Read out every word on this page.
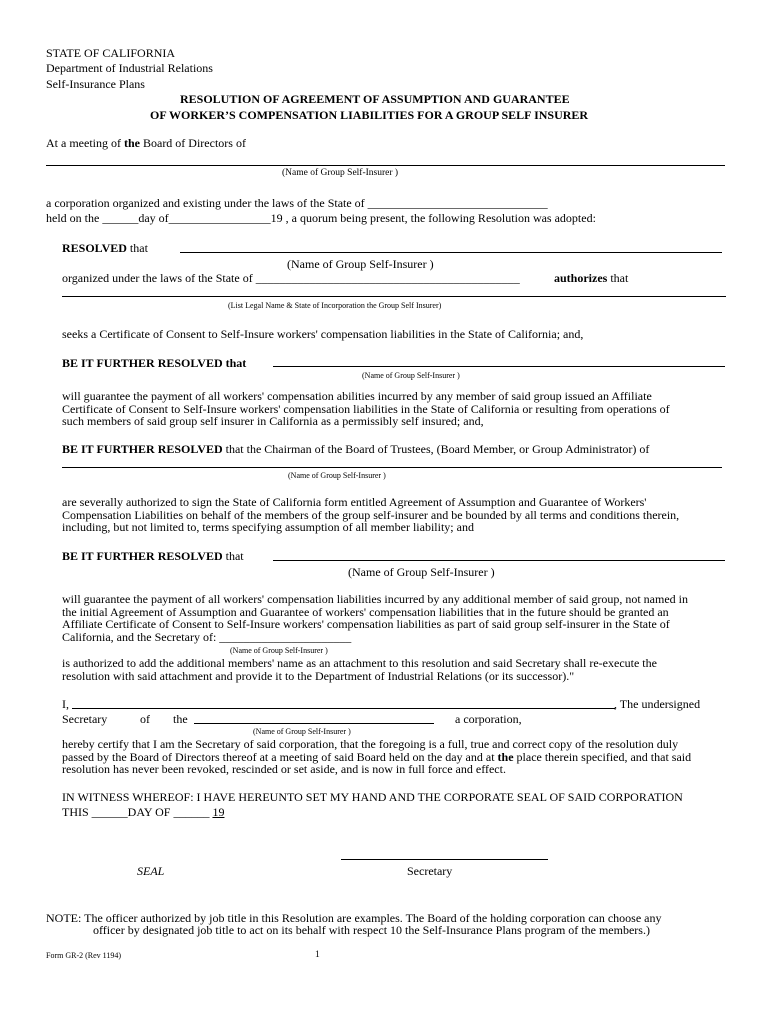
STATE OF CALIFORNIA
Department of Industrial Relations
Self-Insurance Plans
RESOLUTION OF AGREEMENT OF ASSUMPTION AND GUARANTEE
OF WORKER’S COMPENSATION LIABILITIES FOR A GROUP SELF INSURER
At a meeting of the Board of Directors of
(Name of Group Self-Insurer )
a corporation organized and existing under the laws of the State of ______________________________
held on the ______day of_________________19 , a quorum being present, the following Resolution was adopted:
RESOLVED that
(Name of Group Self-Insurer )
organized under the laws of the State of ____________________________________________	authorizes that
(List Legal Name & State of Incorporation the Group Self Insurer)
seeks a Certificate of Consent to Self-Insure workers' compensation liabilities in the State of California; and,
BE IT FURTHER RESOLVED that
(Name of Group Self-Insurer )
will guarantee the payment of all workers' compensation abilities incurred by any member of said group issued an Affiliate
Certificate of Consent to Self-Insure workers' compensation liabilities in the State of California or resulting from operations of
such members of said group self insurer in California as a permissibly self insured; and,
BE IT FURTHER RESOLVED that the Chairman of the Board of Trustees, (Board Member, or Group Administrator) of
(Name of Group Self-Insurer )
are severally authorized to sign the State of California form entitled Agreement of Assumption and Guarantee of Workers'
Compensation Liabilities on behalf of the members of the group self-insurer and be bounded by all terms and conditions therein,
including, but not limited to, terms specifying assumption of all member liability; and
BE IT FURTHER RESOLVED that
(Name of Group Self-Insurer )
will guarantee the payment of all workers' compensation liabilities incurred by any additional member of said group, not named in
the initial Agreement of Assumption and Guarantee of workers' compensation liabilities that in the future should be granted an
Affiliate Certificate of Consent to Self-Insure workers' compensation liabilities as part of said group self-insurer in the State of
California, and the Secretary of: ______________________
(Name of Group Self-Insurer )
is authorized to add the additional members' name as an attachment to this resolution and said Secretary shall re-execute the
resolution with said attachment and provide it to the Department of Industrial Relations (or its successor)."
I,	, The undersigned
Secretary	of the	a corporation,
(Name of Group Self-Insurer )
hereby certify that I am the Secretary of said corporation, that the foregoing is a full, true and correct copy of the resolution duly
passed by the Board of Directors thereof at a meeting of said Board held on the day and at the place therein specified, and that said
resolution has never been revoked, rescinded or set aside, and is now in full force and effect.
IN WITNESS WHEREOF: I HAVE HEREUNTO SET MY HAND AND THE CORPORATE SEAL OF SAID CORPORATION
THIS ______DAY OF ______ 19
SEAL	Secretary
NOTE: The officer authorized by job title in this Resolution are examples. The Board of the holding corporation can choose any
officer by designated job title to act on its behalf with respect 10 the Self-Insurance Plans program of the members.)
Form GR-2 (Rev 1194)	1
